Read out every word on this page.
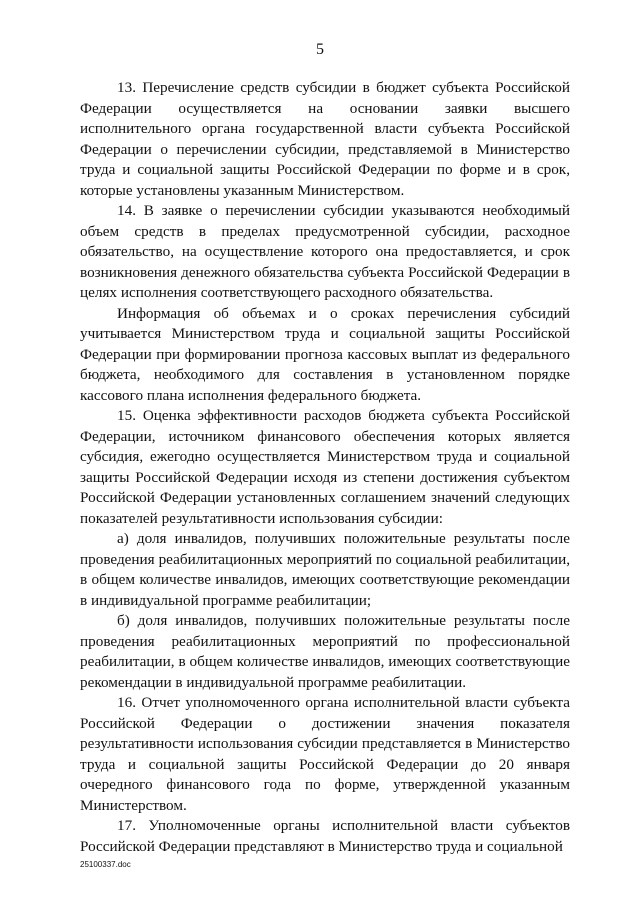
5

13. Перечисление средств субсидии в бюджет субъекта Российской Федерации осуществляется на основании заявки высшего исполнительного органа государственной власти субъекта Российской Федерации о перечислении субсидии, представляемой в Министерство труда и социальной защиты Российской Федерации по форме и в срок, которые установлены указанным Министерством.

14. В заявке о перечислении субсидии указываются необходимый объем средств в пределах предусмотренной субсидии, расходное обязательство, на осуществление которого она предоставляется, и срок возникновения денежного обязательства субъекта Российской Федерации в целях исполнения соответствующего расходного обязательства.

Информация об объемах и о сроках перечисления субсидий учитывается Министерством труда и социальной защиты Российской Федерации при формировании прогноза кассовых выплат из федерального бюджета, необходимого для составления в установленном порядке кассового плана исполнения федерального бюджета.

15. Оценка эффективности расходов бюджета субъекта Российской Федерации, источником финансового обеспечения которых является субсидия, ежегодно осуществляется Министерством труда и социальной защиты Российской Федерации исходя из степени достижения субъектом Российской Федерации установленных соглашением значений следующих показателей результативности использования субсидии:

а) доля инвалидов, получивших положительные результаты после проведения реабилитационных мероприятий по социальной реабилитации, в общем количестве инвалидов, имеющих соответствующие рекомендации в индивидуальной программе реабилитации;

б) доля инвалидов, получивших положительные результаты после проведения реабилитационных мероприятий по профессиональной реабилитации, в общем количестве инвалидов, имеющих соответствующие рекомендации в индивидуальной программе реабилитации.

16. Отчет уполномоченного органа исполнительной власти субъекта Российской Федерации о достижении значения показателя результативности использования субсидии представляется в Министерство труда и социальной защиты Российской Федерации до 20 января очередного финансового года по форме, утвержденной указанным Министерством.

17. Уполномоченные органы исполнительной власти субъектов Российской Федерации представляют в Министерство труда и социальной

25100337.doc
